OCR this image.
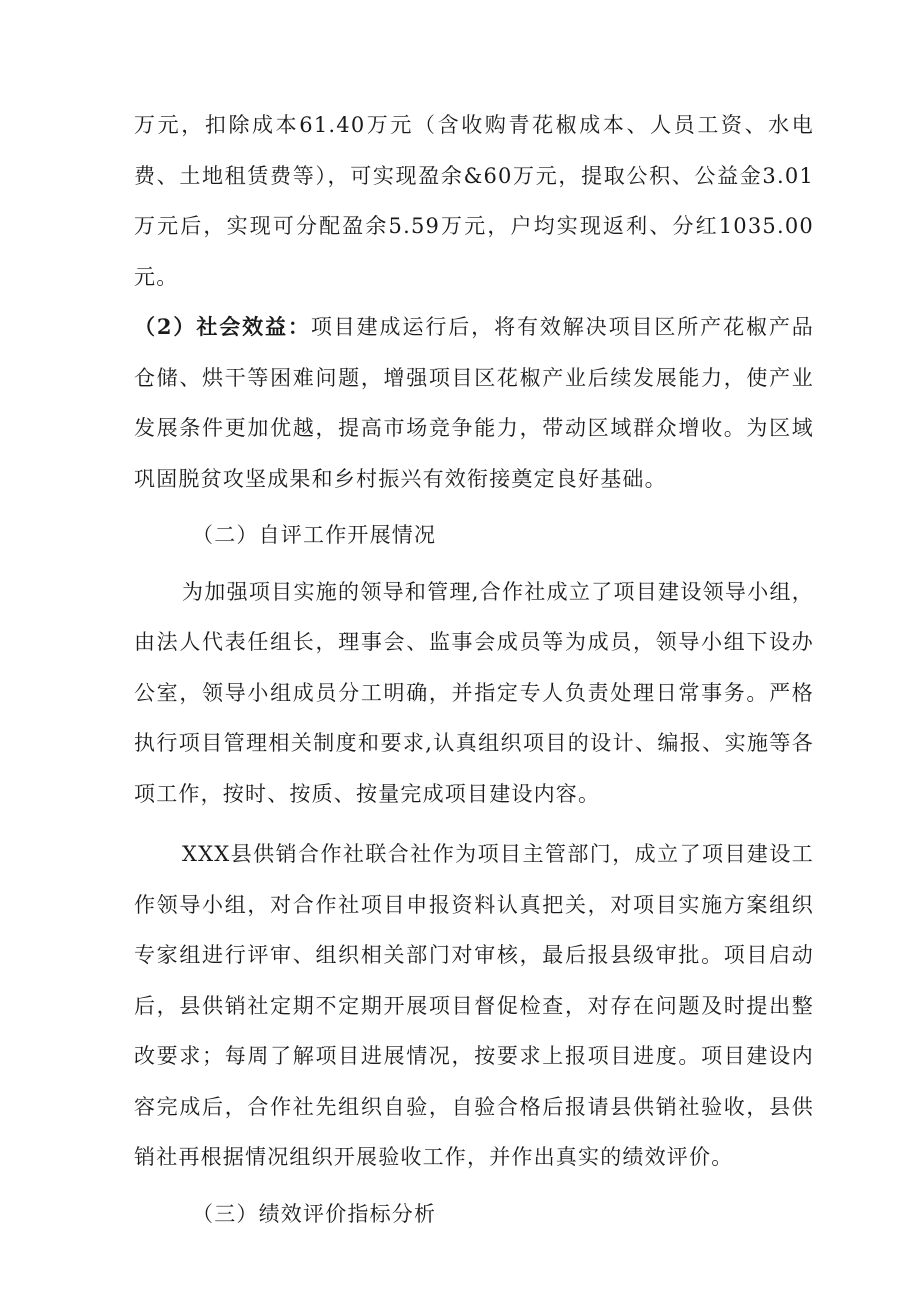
万元，扣除成本61.40万元（含收购青花椒成本、人员工资、水电费、土地租赁费等），可实现盈余&60万元，提取公积、公益金3.01万元后，实现可分配盈余5.59万元，户均实现返利、分红1035.00元。

（2）社会效益：项目建成运行后，将有效解决项目区所产花椒产品仓储、烘干等困难问题，增强项目区花椒产业后续发展能力，使产业发展条件更加优越，提高市场竞争能力，带动区域群众增收。为区域巩固脱贫攻坚成果和乡村振兴有效衔接奠定良好基础。

（二）自评工作开展情况

为加强项目实施的领导和管理,合作社成立了项目建设领导小组，由法人代表任组长，理事会、监事会成员等为成员，领导小组下设办公室，领导小组成员分工明确，并指定专人负责处理日常事务。严格执行项目管理相关制度和要求,认真组织项目的设计、编报、实施等各项工作，按时、按质、按量完成项目建设内容。

XXX县供销合作社联合社作为项目主管部门，成立了项目建设工作领导小组，对合作社项目申报资料认真把关，对项目实施方案组织专家组进行评审、组织相关部门对审核，最后报县级审批。项目启动后，县供销社定期不定期开展项目督促检查，对存在问题及时提出整改要求；每周了解项目进展情况，按要求上报项目进度。项目建设内容完成后，合作社先组织自验，自验合格后报请县供销社验收，县供销社再根据情况组织开展验收工作，并作出真实的绩效评价。

（三）绩效评价指标分析
